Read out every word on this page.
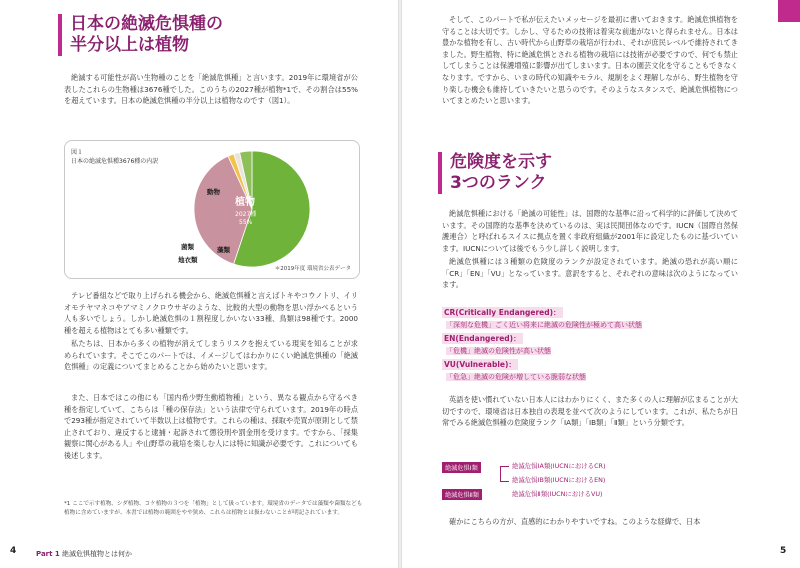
日本の絶滅危惧種の
半分以上は植物
絶滅する可能性が高い生物種のことを「絶滅危惧種」と言います。2019年に環境省が公表したこれらの生物種は3676種でした。このうちの2027種が植物*1で、その割合は55%を超えています。日本の絶滅危惧種の半分以上は植物なのです（図1）。
図１
日本の絶滅危惧種3676種の内訳
植物
2027種
55%
動物
菌類
地衣類
藻類
＊2019年度 環境省公表データ
テレビ番組などで取り上げられる機会から、絶滅危惧種と言えばトキやコウノトリ、イリオモテヤマネコやアマミノクロウサギのような、比較的大型の動物を思い浮かべるという人も多いでしょう。しかし絶滅危惧の１割程度しかいない33種、鳥類は98種です。2000種を超える植物はとても多い種類です。
私たちは、日本から多くの植物が消えてしまうリスクを抱えている現実を知ることが求められています。そこでこのパートでは、イメージしてはわかりにくい絶滅危惧種の「絶滅危惧種」の定義についてまとめることから始めたいと思います。
また、日本ではこの他にも「国内希少野生動植物種」という、異なる観点から守るべき種を指定していて、こちらは「種の保存法」という法律で守られています。2019年の時点で293種が指定されていて半数以上は植物です。これらの種は、採取や売買が原則として禁止されており、違反すると逮捕・起訴されて懲役刑や罰金刑を受けます。ですから、「採集観察に関心がある人」や山野草の栽培を楽しむ人には特に知識が必要です。これについても後述します。
*1 ここで示す植物、シダ植物、コケ植物の３つを「植物」として扱っています。環境省のデータでは藻類や菌類なども植物に含めていますが、本書では植物の範囲をやや狭め、これらは植物とは扱わないことが明記されています。
4	Part 1 絶滅危惧植物とは何か
そして、このパートで私が伝えたいメッセージを最初に書いておきます。絶滅危惧植物を守ることは大切です。しかし、守るための技術は着実な前進がないと得られません。日本は豊かな植物を有し、古い時代から山野草の栽培が行われ、それが庶民レベルで維持されてきました。野生植物、特に絶滅危惧とされる植物の栽培には技術が必要ですので、何でも禁止してしまうことは保護増殖に影響が出てしまいます。日本の園芸文化を守ることもできなくなります。ですから、いまの時代の知識やモラル、規制をよく理解しながら、野生植物を守り楽しむ機会も維持していきたいと思うのです。そのようなスタンスで、絶滅危惧植物についてまとめたいと思います。
危険度を示す
3つのランク
絶滅危惧種における「絶滅の可能性」は、国際的な基準に沿って科学的に評価して決めています。その国際的な基準を決めているのは、実は民間団体なのです。IUCN（国際自然保護連合）と呼ばれるスイスに拠点を置く非政府組織が2001年に設定したものに基づいています。IUCNについては後でもう少し詳しく説明します。
絶滅危惧種には３種類の危険度のランクが設定されています。絶滅の恐れが高い順に「CR」「EN」「VU」となっています。意訳をすると、それぞれの意味は次のようになっています。
CR(Critically Endangered)：
「深刻な危機」ごく近い将来に絶滅の危険性が極めて高い状態
EN(Endangered)：
「危機」絶滅の危険性が高い状態
VU(Vulnerable)：
「危急」絶滅の危険が増している脆弱な状態
英語を使い慣れていない日本人にはわかりにくく、また多くの人に理解が広まることが大切ですので、環境省は日本独自の表現を並べて次のようにしています。これが、私たちが日常でみる絶滅危惧種の危険度ランク「ⅠA類」「ⅠB類」「Ⅱ類」という分類です。
絶滅危惧Ⅰ類	絶滅危惧ⅠA類(IUCNにおけるCR)
絶滅危惧ⅠB類(IUCNにおけるEN)
絶滅危惧Ⅱ類	絶滅危惧Ⅱ類(IUCNにおけるVU)
確かにこちらの方が、直感的にわかりやすいですね。このような経緯で、日本
5
